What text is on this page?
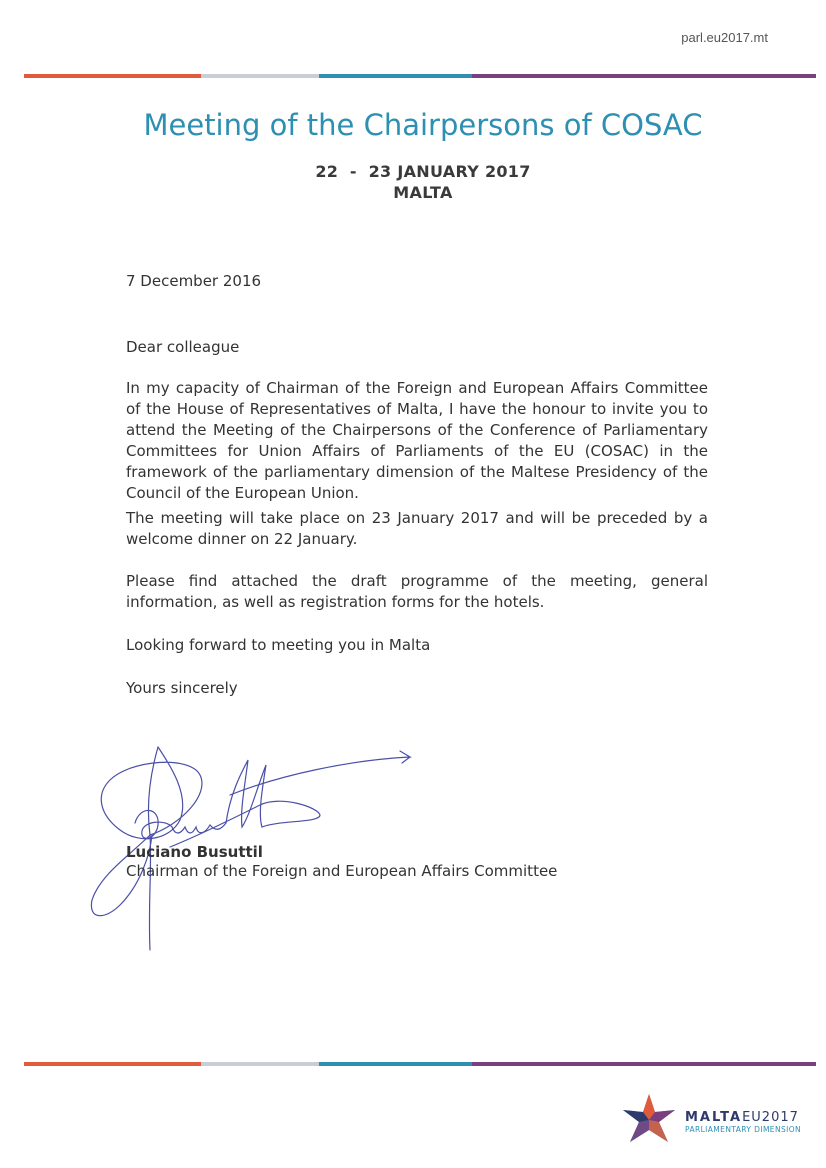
parl.eu2017.mt
Meeting of the Chairpersons of COSAC
22  -  23 JANUARY 2017
MALTA
7 December 2016
Dear colleague
In my capacity of Chairman of the Foreign and European Affairs Committee of the House of Representatives of Malta, I have the honour to invite you to attend the Meeting of the Chairpersons of the Conference of Parliamentary Committees for Union Affairs of Parliaments of the EU (COSAC) in the framework of the parliamentary dimension of the Maltese Presidency of the Council of the European Union.
The meeting will take place on 23 January 2017 and will be preceded by a welcome dinner on 22 January.
Please find attached the draft programme of the meeting, general information, as well as registration forms for the hotels.
Looking forward to meeting you in Malta
Yours sincerely
Luciano Busuttil
Chairman of the Foreign and European Affairs Committee
MALTAEU2017
PARLIAMENTARY DIMENSION
